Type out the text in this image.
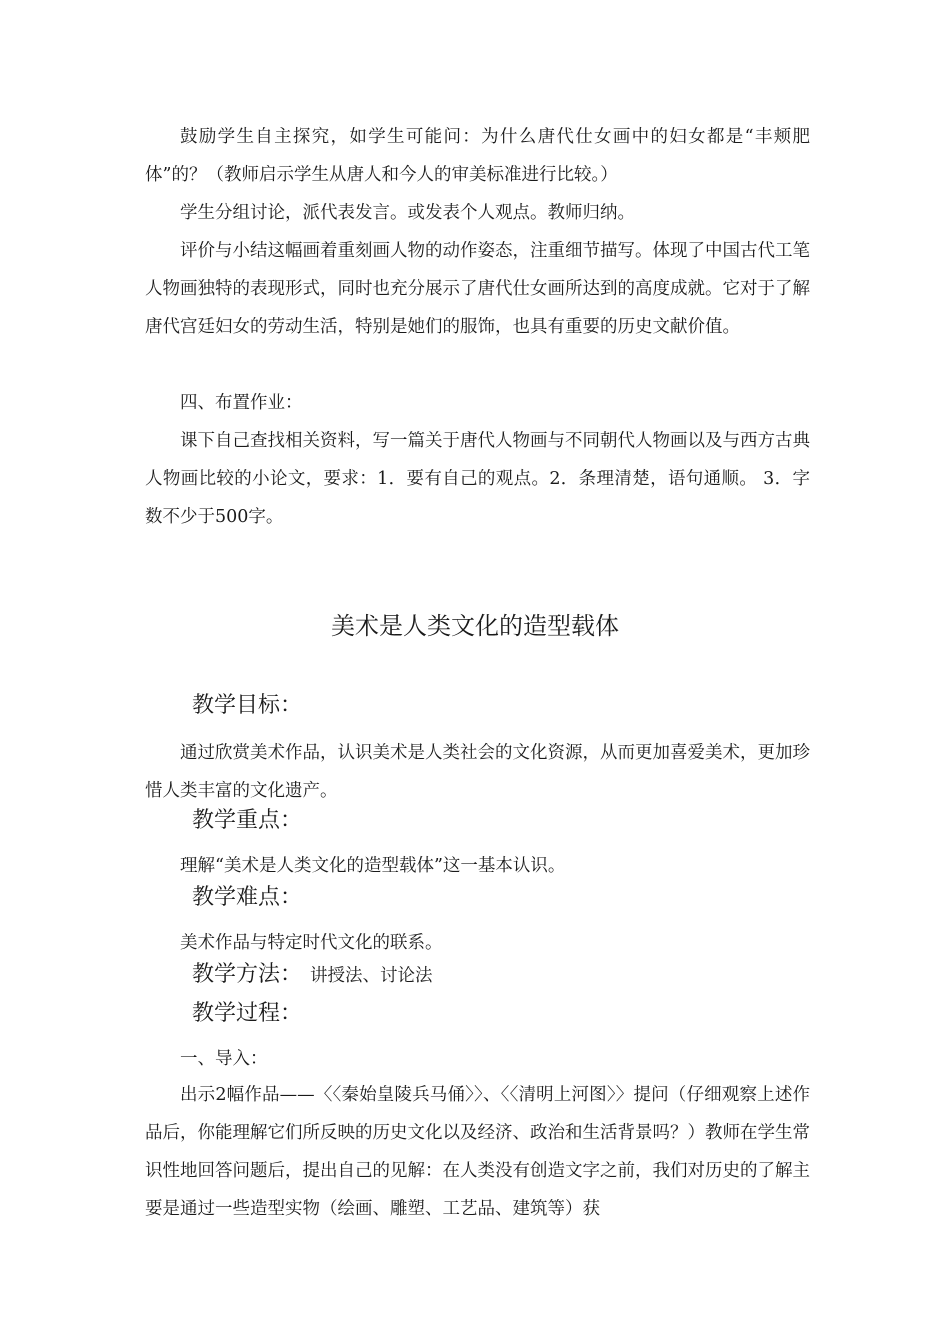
鼓励学生自主探究，如学生可能问：为什么唐代仕女画中的妇女都是“丰颊肥体”的？（教师启示学生从唐人和今人的审美标准进行比较。）

学生分组讨论，派代表发言。或发表个人观点。教师归纳。

评价与小结这幅画着重刻画人物的动作姿态，注重细节描写。体现了中国古代工笔人物画独特的表现形式，同时也充分展示了唐代仕女画所达到的高度成就。它对于了解唐代宫廷妇女的劳动生活，特别是她们的服饰，也具有重要的历史文献价值。

四、布置作业：

课下自己查找相关资料，写一篇关于唐代人物画与不同朝代人物画以及与西方古典人物画比较的小论文，要求：1．要有自己的观点。2．条理清楚，语句通顺。 3．字数不少于500字。

美术是人类文化的造型载体
教学目标：

通过欣赏美术作品，认识美术是人类社会的文化资源，从而更加喜爱美术，更加珍惜人类丰富的文化遗产。

教学重点：

理解“美术是人类文化的造型载体”这一基本认识。

教学难点：

美术作品与特定时代文化的联系。

教学方法： 讲授法、讨论法
教学过程：

一、导入：

出示2幅作品——〈〈秦始皇陵兵马俑〉〉、〈〈清明上河图〉〉提问（仔细观察上述作品后，你能理解它们所反映的历史文化以及经济、政治和生活背景吗？）教师在学生常识性地回答问题后，提出自己的见解：在人类没有创造文字之前，我们对历史的了解主要是通过一些造型实物（绘画、雕塑、工艺品、建筑等）获
